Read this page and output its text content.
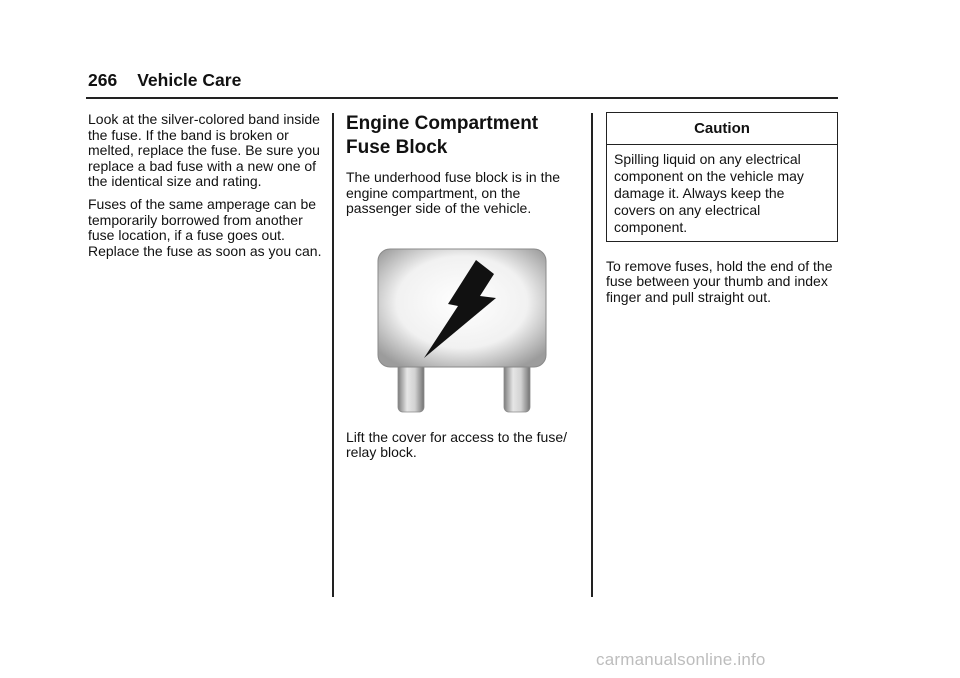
266 Vehicle Care

Look at the silver-colored band inside the fuse. If the band is broken or melted, replace the fuse. Be sure you replace a bad fuse with a new one of the identical size and rating.

Fuses of the same amperage can be temporarily borrowed from another fuse location, if a fuse goes out. Replace the fuse as soon as you can.

Engine Compartment Fuse Block

The underhood fuse block is in the engine compartment, on the passenger side of the vehicle.

Lift the cover for access to the fuse/ relay block.

Caution
Spilling liquid on any electrical component on the vehicle may damage it. Always keep the covers on any electrical component.

To remove fuses, hold the end of the fuse between your thumb and index finger and pull straight out.

carmanualsonline.info
